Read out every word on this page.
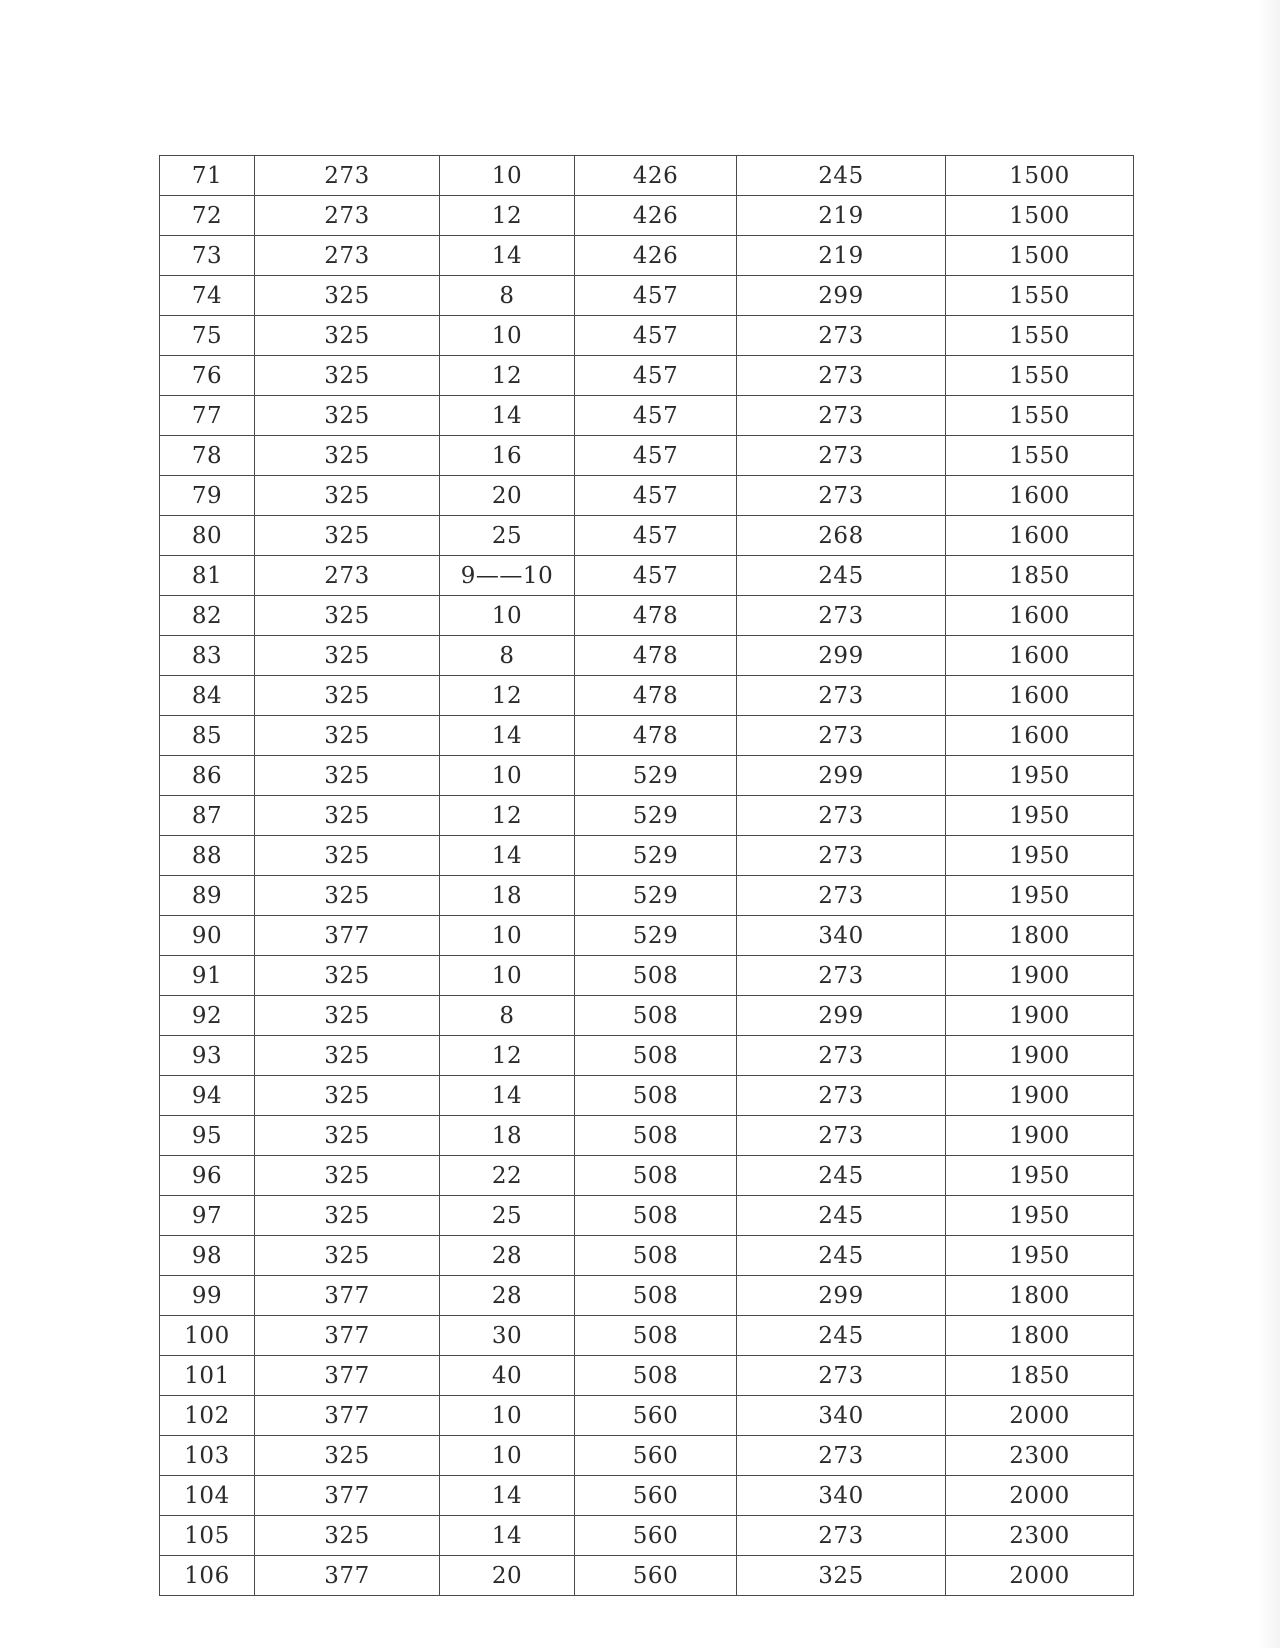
71	273	10	426	245	1500
72	273	12	426	219	1500
73	273	14	426	219	1500
74	325	8	457	299	1550
75	325	10	457	273	1550
76	325	12	457	273	1550
77	325	14	457	273	1550
78	325	16	457	273	1550
79	325	20	457	273	1600
80	325	25	457	268	1600
81	273	9——10	457	245	1850
82	325	10	478	273	1600
83	325	8	478	299	1600
84	325	12	478	273	1600
85	325	14	478	273	1600
86	325	10	529	299	1950
87	325	12	529	273	1950
88	325	14	529	273	1950
89	325	18	529	273	1950
90	377	10	529	340	1800
91	325	10	508	273	1900
92	325	8	508	299	1900
93	325	12	508	273	1900
94	325	14	508	273	1900
95	325	18	508	273	1900
96	325	22	508	245	1950
97	325	25	508	245	1950
98	325	28	508	245	1950
99	377	28	508	299	1800
100	377	30	508	245	1800
101	377	40	508	273	1850
102	377	10	560	340	2000
103	325	10	560	273	2300
104	377	14	560	340	2000
105	325	14	560	273	2300
106	377	20	560	325	2000
